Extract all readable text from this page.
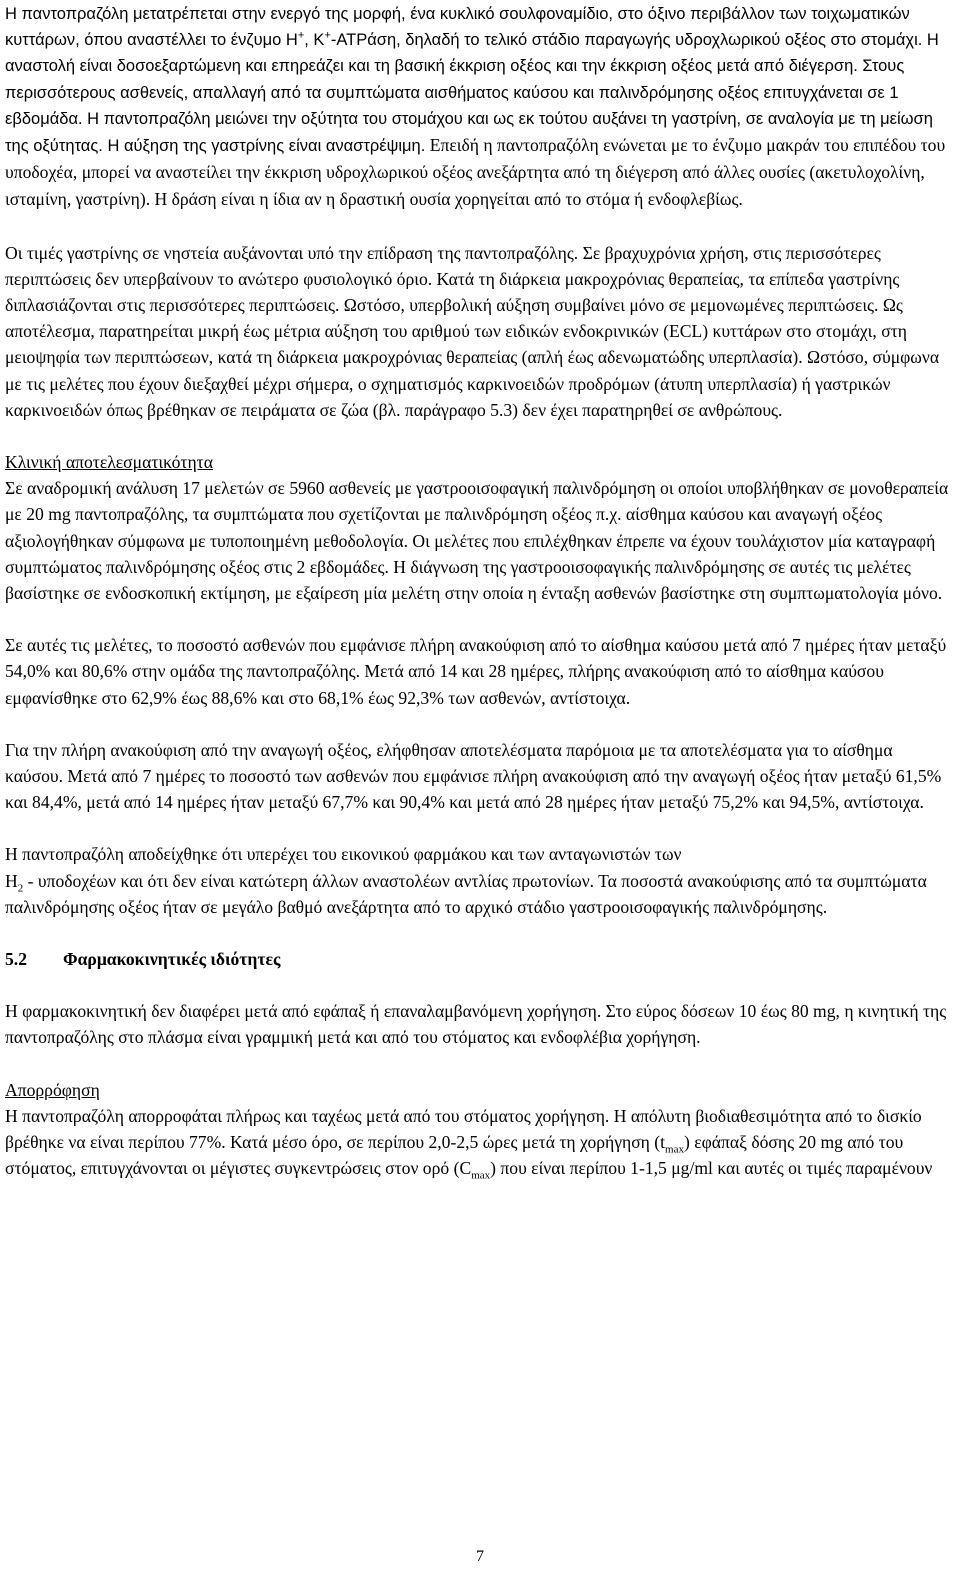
Η παντοπραζόλη μετατρέπεται στην ενεργό της μορφή, ένα κυκλικό σουλφοναμίδιο, στο όξινο περιβάλλον των τοιχωματικών κυττάρων, όπου αναστέλλει το ένζυμο Η+, Κ+-ΑΤΡάση, δηλαδή το τελικό στάδιο παραγωγής υδροχλωρικού οξέος στο στομάχι. Η αναστολή είναι δοσοεξαρτώμενη και επηρεάζει και τη βασική έκκριση οξέος και την έκκριση οξέος μετά από διέγερση. Στους περισσότερους ασθενείς, απαλλαγή από τα συμπτώματα αισθήματος καύσου και παλινδρόμησης οξέος επιτυγχάνεται σε 1 εβδομάδα. Η παντοπραζόλη μειώνει την οξύτητα του στομάχου και ως εκ τούτου αυξάνει τη γαστρίνη, σε αναλογία με τη μείωση της οξύτητας. Η αύξηση της γαστρίνης είναι αναστρέψιμη. Επειδή η παντοπραζόλη ενώνεται με το ένζυμο μακράν του επιπέδου του υποδοχέα, μπορεί να αναστείλει την έκκριση υδροχλωρικού οξέος ανεξάρτητα από τη διέγερση από άλλες ουσίες (ακετυλοχολίνη, ισταμίνη, γαστρίνη). Η δράση είναι η ίδια αν η δραστική ουσία χορηγείται από το στόμα ή ενδοφλεβίως.

Οι τιμές γαστρίνης σε νηστεία αυξάνονται υπό την επίδραση της παντοπραζόλης. Σε βραχυχρόνια χρήση, στις περισσότερες περιπτώσεις δεν υπερβαίνουν το ανώτερο φυσιολογικό όριο. Κατά τη διάρκεια μακροχρόνιας θεραπείας, τα επίπεδα γαστρίνης διπλασιάζονται στις περισσότερες περιπτώσεις. Ωστόσο, υπερβολική αύξηση συμβαίνει μόνο σε μεμονωμένες περιπτώσεις. Ως αποτέλεσμα, παρατηρείται μικρή έως μέτρια αύξηση του αριθμού των ειδικών ενδοκρινικών (ECL) κυττάρων στο στομάχι, στη μειοψηφία των περιπτώσεων, κατά τη διάρκεια μακροχρόνιας θεραπείας (απλή έως αδενωματώδης υπερπλασία). Ωστόσο, σύμφωνα με τις μελέτες που έχουν διεξαχθεί μέχρι σήμερα, ο σχηματισμός καρκινοειδών προδρόμων (άτυπη υπερπλασία) ή γαστρικών καρκινοειδών όπως βρέθηκαν σε πειράματα σε ζώα (βλ. παράγραφο 5.3) δεν έχει παρατηρηθεί σε ανθρώπους.

Κλινική αποτελεσματικότητα

Σε αναδρομική ανάλυση 17 μελετών σε 5960 ασθενείς με γαστροοισοφαγική παλινδρόμηση οι οποίοι υποβλήθηκαν σε μονοθεραπεία με 20 mg παντοπραζόλης, τα συμπτώματα που σχετίζονται με παλινδρόμηση οξέος π.χ. αίσθημα καύσου και αναγωγή οξέος αξιολογήθηκαν σύμφωνα με τυποποιημένη μεθοδολογία. Οι μελέτες που επιλέχθηκαν έπρεπε να έχουν τουλάχιστον μία καταγραφή συμπτώματος παλινδρόμησης οξέος στις 2 εβδομάδες. Η διάγνωση της γαστροοισοφαγικής παλινδρόμησης σε αυτές τις μελέτες βασίστηκε σε ενδοσκοπική εκτίμηση, με εξαίρεση μία μελέτη στην οποία η ένταξη ασθενών βασίστηκε στη συμπτωματολογία μόνο.

Σε αυτές τις μελέτες, το ποσοστό ασθενών που εμφάνισε πλήρη ανακούφιση από το αίσθημα καύσου μετά από 7 ημέρες ήταν μεταξύ 54,0% και 80,6% στην ομάδα της παντοπραζόλης. Μετά από 14 και 28 ημέρες, πλήρης ανακούφιση από το αίσθημα καύσου εμφανίσθηκε στο 62,9% έως 88,6% και στο 68,1% έως 92,3% των ασθενών, αντίστοιχα.

Για την πλήρη ανακούφιση από την αναγωγή οξέος, ελήφθησαν αποτελέσματα παρόμοια με τα αποτελέσματα για το αίσθημα καύσου. Μετά από 7 ημέρες το ποσοστό των ασθενών που εμφάνισε πλήρη ανακούφιση από την αναγωγή οξέος ήταν μεταξύ 61,5% και 84,4%, μετά από 14 ημέρες ήταν μεταξύ 67,7% και 90,4% και μετά από 28 ημέρες ήταν μεταξύ 75,2% και 94,5%, αντίστοιχα.

Η παντοπραζόλη αποδείχθηκε ότι υπερέχει του εικονικού φαρμάκου και των ανταγωνιστών των
$H_2$ - υποδοχέων και ότι δεν είναι κατώτερη άλλων αναστολέων αντλίας πρωτονίων. Τα ποσοστά ανακούφισης από τα συμπτώματα παλινδρόμησης οξέος ήταν σε μεγάλο βαθμό ανεξάρτητα από το αρχικό στάδιο γαστροοισοφαγικής παλινδρόμησης.

5.2 Φαρμακοκινητικές ιδιότητες

Η φαρμακοκινητική δεν διαφέρει μετά από εφάπαξ ή επαναλαμβανόμενη χορήγηση. Στο εύρος δόσεων 10 έως 80 mg, η κινητική της παντοπραζόλης στο πλάσμα είναι γραμμική μετά και από του στόματος και ενδοφλέβια χορήγηση.

Απορρόφηση

Η παντοπραζόλη απορροφάται πλήρως και ταχέως μετά από του στόματος χορήγηση. Η απόλυτη βιοδιαθεσιμότητα από το δισκίο βρέθηκε να είναι περίπου 77%. Κατά μέσο όρο, σε περίπου 2,0-2,5 ώρες μετά τη χορήγηση $(t_{max})$ εφάπαξ δόσης 20 mg από του στόματος, επιτυγχάνονται οι μέγιστες συγκεντρώσεις στον ορό $(C_{max})$ που είναι περίπου 1-1,5 μg/ml και αυτές οι τιμές παραμένουν

7
